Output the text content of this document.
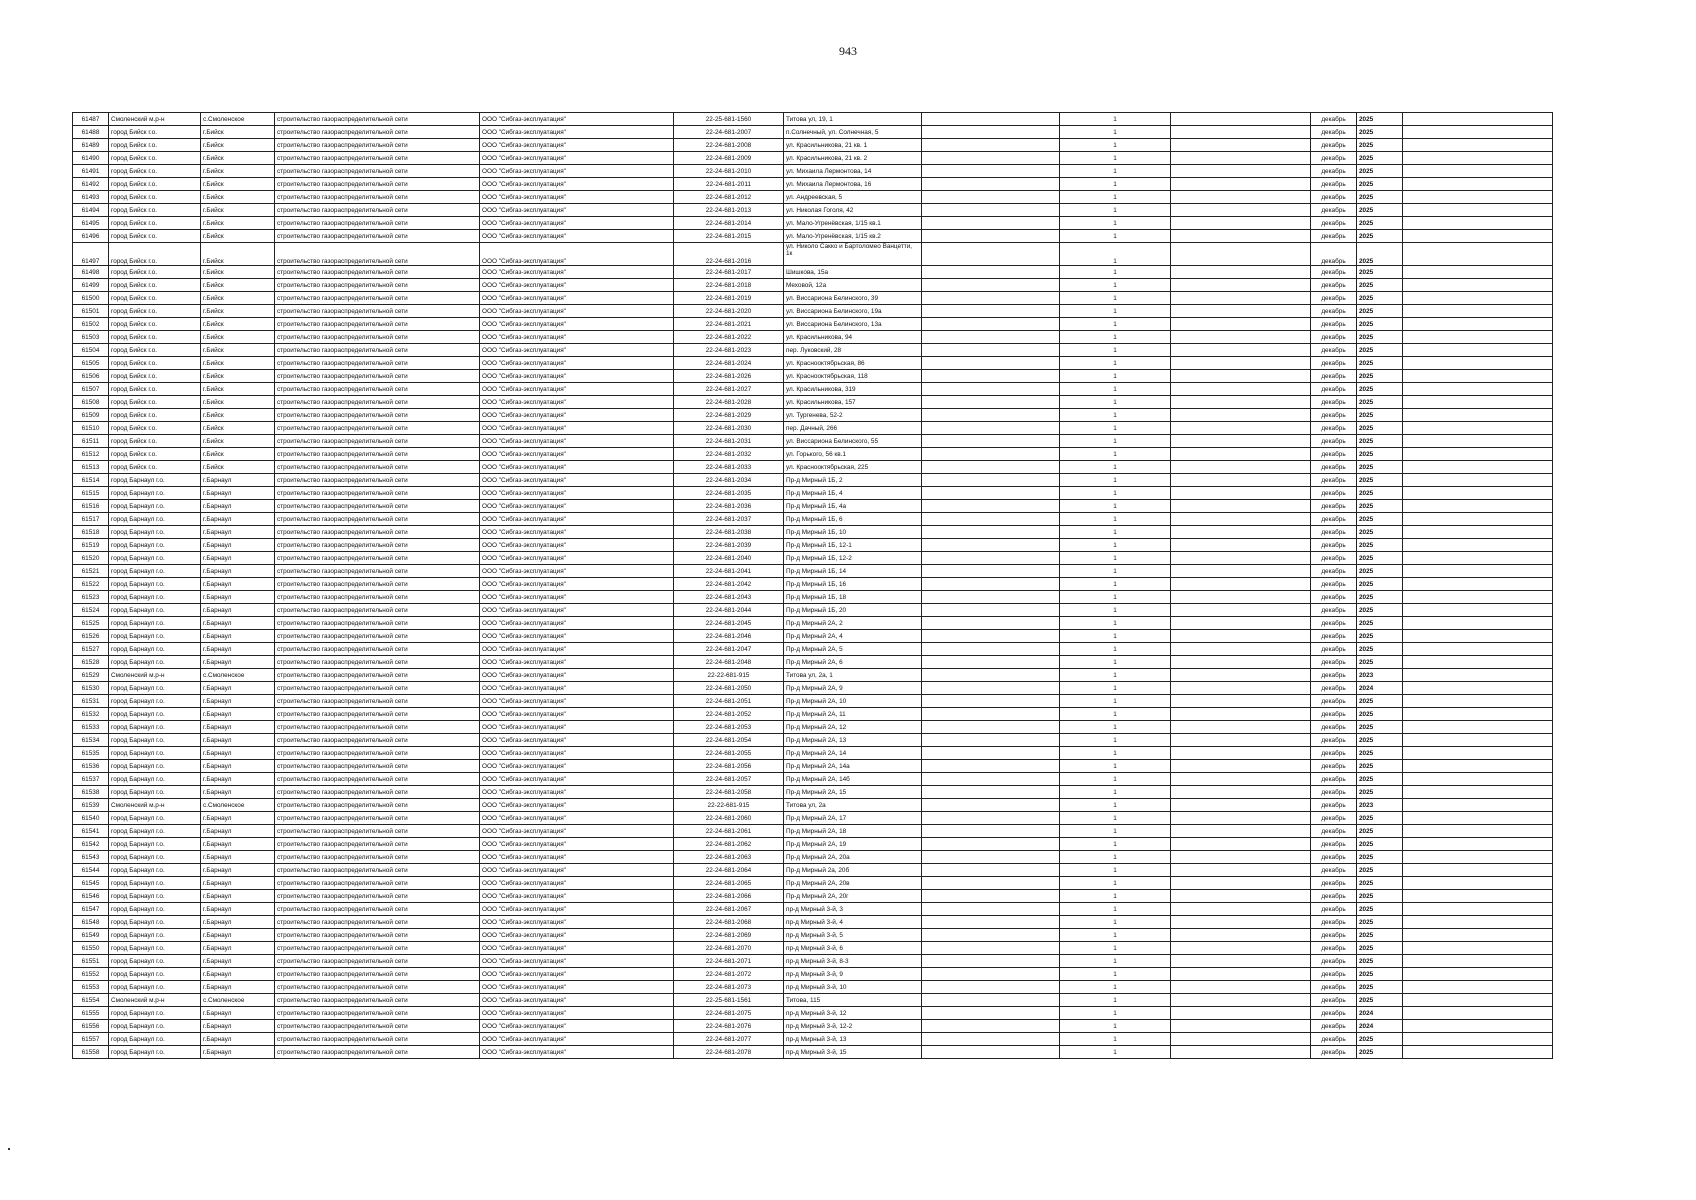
943
61487	Смоленский м.р-н	с.Смоленское	строительство газораспределительной сети	ООО "Сибгаз-эксплуатация"	22-25-681-1560	Титова ул, 19, 1		1		декабрь	2025	
61488	город Бийск г.о.	г.Бийск	строительство газораспределительной сети	ООО "Сибгаз-эксплуатация"	22-24-681-2007	п.Солнечный, ул. Солнечная, 5		1		декабрь	2025	
61489	город Бийск г.о.	г.Бийск	строительство газораспределительной сети	ООО "Сибгаз-эксплуатация"	22-24-681-2008	ул. Красильникова, 21 кв. 1		1		декабрь	2025	
61490	город Бийск г.о.	г.Бийск	строительство газораспределительной сети	ООО "Сибгаз-эксплуатация"	22-24-681-2009	ул. Красильникова, 21 кв. 2		1		декабрь	2025	
61491	город Бийск г.о.	г.Бийск	строительство газораспределительной сети	ООО "Сибгаз-эксплуатация"	22-24-681-2010	ул. Михаила Лермонтова, 14		1		декабрь	2025	
61492	город Бийск г.о.	г.Бийск	строительство газораспределительной сети	ООО "Сибгаз-эксплуатация"	22-24-681-2011	ул. Михаила Лермонтова, 16		1		декабрь	2025	
61493	город Бийск г.о.	г.Бийск	строительство газораспределительной сети	ООО "Сибгаз-эксплуатация"	22-24-681-2012	ул. Андреевская, 5		1		декабрь	2025	
61494	город Бийск г.о.	г.Бийск	строительство газораспределительной сети	ООО "Сибгаз-эксплуатация"	22-24-681-2013	ул. Николая Гоголя, 42		1		декабрь	2025	
61495	город Бийск г.о.	г.Бийск	строительство газораспределительной сети	ООО "Сибгаз-эксплуатация"	22-24-681-2014	ул. Мало-Угренёвская, 1/15 кв.1		1		декабрь	2025	
61496	город Бийск г.о.	г.Бийск	строительство газораспределительной сети	ООО "Сибгаз-эксплуатация"	22-24-681-2015	ул. Мало-Угренёвская, 1/15 кв.2		1		декабрь	2025	
61497	город Бийск г.о.	г.Бийск	строительство газораспределительной сети	ООО "Сибгаз-эксплуатация"	22-24-681-2016	ул. Николо Сакко и Бартоломео Ванцетти, 1к		1		декабрь	2025	
61498	город Бийск г.о.	г.Бийск	строительство газораспределительной сети	ООО "Сибгаз-эксплуатация"	22-24-681-2017	Шишкова, 15а		1		декабрь	2025	
61499	город Бийск г.о.	г.Бийск	строительство газораспределительной сети	ООО "Сибгаз-эксплуатация"	22-24-681-2018	Меховой, 12а		1		декабрь	2025	
61500	город Бийск г.о.	г.Бийск	строительство газораспределительной сети	ООО "Сибгаз-эксплуатация"	22-24-681-2019	ул. Виссариона Белинского, 39		1		декабрь	2025	
61501	город Бийск г.о.	г.Бийск	строительство газораспределительной сети	ООО "Сибгаз-эксплуатация"	22-24-681-2020	ул. Виссариона Белинского, 19а		1		декабрь	2025	
61502	город Бийск г.о.	г.Бийск	строительство газораспределительной сети	ООО "Сибгаз-эксплуатация"	22-24-681-2021	ул. Виссариона Белинского, 13а		1		декабрь	2025	
61503	город Бийск г.о.	г.Бийск	строительство газораспределительной сети	ООО "Сибгаз-эксплуатация"	22-24-681-2022	ул. Красильникова, 94		1		декабрь	2025	
61504	город Бийск г.о.	г.Бийск	строительство газораспределительной сети	ООО "Сибгаз-эксплуатация"	22-24-681-2023	пер. Луковский, 28		1		декабрь	2025	
61505	город Бийск г.о.	г.Бийск	строительство газораспределительной сети	ООО "Сибгаз-эксплуатация"	22-24-681-2024	ул. Краснооктябрьская, 86		1		декабрь	2025	
61506	город Бийск г.о.	г.Бийск	строительство газораспределительной сети	ООО "Сибгаз-эксплуатация"	22-24-681-2026	ул. Краснооктябрьская, 118		1		декабрь	2025	
61507	город Бийск г.о.	г.Бийск	строительство газораспределительной сети	ООО "Сибгаз-эксплуатация"	22-24-681-2027	ул. Красильникова, 319		1		декабрь	2025	
61508	город Бийск г.о.	г.Бийск	строительство газораспределительной сети	ООО "Сибгаз-эксплуатация"	22-24-681-2028	ул. Красильникова, 157		1		декабрь	2025	
61509	город Бийск г.о.	г.Бийск	строительство газораспределительной сети	ООО "Сибгаз-эксплуатация"	22-24-681-2029	ул. Тургенева, 52-2		1		декабрь	2025	
61510	город Бийск г.о.	г.Бийск	строительство газораспределительной сети	ООО "Сибгаз-эксплуатация"	22-24-681-2030	пер. Дачный, 266		1		декабрь	2025	
61511	город Бийск г.о.	г.Бийск	строительство газораспределительной сети	ООО "Сибгаз-эксплуатация"	22-24-681-2031	ул. Виссариона Белинского, 55		1		декабрь	2025	
61512	город Бийск г.о.	г.Бийск	строительство газораспределительной сети	ООО "Сибгаз-эксплуатация"	22-24-681-2032	ул. Горького, 56 кв.1		1		декабрь	2025	
61513	город Бийск г.о.	г.Бийск	строительство газораспределительной сети	ООО "Сибгаз-эксплуатация"	22-24-681-2033	ул. Краснооктябрьская, 225		1		декабрь	2025	
61514	город Барнаул г.о.	г.Барнаул	строительство газораспределительной сети	ООО "Сибгаз-эксплуатация"	22-24-681-2034	Пр-д Мирный 1Б, 2		1		декабрь	2025	
61515	город Барнаул г.о.	г.Барнаул	строительство газораспределительной сети	ООО "Сибгаз-эксплуатация"	22-24-681-2035	Пр-д Мирный 1Б, 4		1		декабрь	2025	
61516	город Барнаул г.о.	г.Барнаул	строительство газораспределительной сети	ООО "Сибгаз-эксплуатация"	22-24-681-2036	Пр-д Мирный 1Б, 4а		1		декабрь	2025	
61517	город Барнаул г.о.	г.Барнаул	строительство газораспределительной сети	ООО "Сибгаз-эксплуатация"	22-24-681-2037	Пр-д Мирный 1Б, 6		1		декабрь	2025	
61518	город Барнаул г.о.	г.Барнаул	строительство газораспределительной сети	ООО "Сибгаз-эксплуатация"	22-24-681-2038	Пр-д Мирный 1Б, 10		1		декабрь	2025	
61519	город Барнаул г.о.	г.Барнаул	строительство газораспределительной сети	ООО "Сибгаз-эксплуатация"	22-24-681-2039	Пр-д Мирный 1Б, 12-1		1		декабрь	2025	
61520	город Барнаул г.о.	г.Барнаул	строительство газораспределительной сети	ООО "Сибгаз-эксплуатация"	22-24-681-2040	Пр-д Мирный 1Б, 12-2		1		декабрь	2025	
61521	город Барнаул г.о.	г.Барнаул	строительство газораспределительной сети	ООО "Сибгаз-эксплуатация"	22-24-681-2041	Пр-д Мирный 1Б, 14		1		декабрь	2025	
61522	город Барнаул г.о.	г.Барнаул	строительство газораспределительной сети	ООО "Сибгаз-эксплуатация"	22-24-681-2042	Пр-д Мирный 1Б, 16		1		декабрь	2025	
61523	город Барнаул г.о.	г.Барнаул	строительство газораспределительной сети	ООО "Сибгаз-эксплуатация"	22-24-681-2043	Пр-д Мирный 1Б, 18		1		декабрь	2025	
61524	город Барнаул г.о.	г.Барнаул	строительство газораспределительной сети	ООО "Сибгаз-эксплуатация"	22-24-681-2044	Пр-д Мирный 1Б, 20		1		декабрь	2025	
61525	город Барнаул г.о.	г.Барнаул	строительство газораспределительной сети	ООО "Сибгаз-эксплуатация"	22-24-681-2045	Пр-д Мирный 2А, 2		1		декабрь	2025	
61526	город Барнаул г.о.	г.Барнаул	строительство газораспределительной сети	ООО "Сибгаз-эксплуатация"	22-24-681-2046	Пр-д Мирный 2А, 4		1		декабрь	2025	
61527	город Барнаул г.о.	г.Барнаул	строительство газораспределительной сети	ООО "Сибгаз-эксплуатация"	22-24-681-2047	Пр-д Мирный 2А, 5		1		декабрь	2025	
61528	город Барнаул г.о.	г.Барнаул	строительство газораспределительной сети	ООО "Сибгаз-эксплуатация"	22-24-681-2048	Пр-д Мирный 2А, 6		1		декабрь	2025	
61529	Смоленский м.р-н	с.Смоленское	строительство газораспределительной сети	ООО "Сибгаз-эксплуатация"	22-22-681-915	Титова ул, 2а, 1		1		декабрь	2023	
61530	город Барнаул г.о.	г.Барнаул	строительство газораспределительной сети	ООО "Сибгаз-эксплуатация"	22-24-681-2050	Пр-д Мирный 2А, 9		1		декабрь	2024	
61531	город Барнаул г.о.	г.Барнаул	строительство газораспределительной сети	ООО "Сибгаз-эксплуатация"	22-24-681-2051	Пр-д Мирный 2А, 10		1		декабрь	2025	
61532	город Барнаул г.о.	г.Барнаул	строительство газораспределительной сети	ООО "Сибгаз-эксплуатация"	22-24-681-2052	Пр-д Мирный 2А, 11		1		декабрь	2025	
61533	город Барнаул г.о.	г.Барнаул	строительство газораспределительной сети	ООО "Сибгаз-эксплуатация"	22-24-681-2053	Пр-д Мирный 2А, 12		1		декабрь	2025	
61534	город Барнаул г.о.	г.Барнаул	строительство газораспределительной сети	ООО "Сибгаз-эксплуатация"	22-24-681-2054	Пр-д Мирный 2А, 13		1		декабрь	2025	
61535	город Барнаул г.о.	г.Барнаул	строительство газораспределительной сети	ООО "Сибгаз-эксплуатация"	22-24-681-2055	Пр-д Мирный 2А, 14		1		декабрь	2025	
61536	город Барнаул г.о.	г.Барнаул	строительство газораспределительной сети	ООО "Сибгаз-эксплуатация"	22-24-681-2056	Пр-д Мирный 2А, 14а		1		декабрь	2025	
61537	город Барнаул г.о.	г.Барнаул	строительство газораспределительной сети	ООО "Сибгаз-эксплуатация"	22-24-681-2057	Пр-д Мирный 2А, 14б		1		декабрь	2025	
61538	город Барнаул г.о.	г.Барнаул	строительство газораспределительной сети	ООО "Сибгаз-эксплуатация"	22-24-681-2058	Пр-д Мирный 2А, 15		1		декабрь	2025	
61539	Смоленский м.р-н	с.Смоленское	строительство газораспределительной сети	ООО "Сибгаз-эксплуатация"	22-22-681-915	Титова ул, 2а		1		декабрь	2023	
61540	город Барнаул г.о.	г.Барнаул	строительство газораспределительной сети	ООО "Сибгаз-эксплуатация"	22-24-681-2060	Пр-д Мирный 2А, 17		1		декабрь	2025	
61541	город Барнаул г.о.	г.Барнаул	строительство газораспределительной сети	ООО "Сибгаз-эксплуатация"	22-24-681-2061	Пр-д Мирный 2А, 18		1		декабрь	2025	
61542	город Барнаул г.о.	г.Барнаул	строительство газораспределительной сети	ООО "Сибгаз-эксплуатация"	22-24-681-2062	Пр-д Мирный 2А, 19		1		декабрь	2025	
61543	город Барнаул г.о.	г.Барнаул	строительство газораспределительной сети	ООО "Сибгаз-эксплуатация"	22-24-681-2063	Пр-д Мирный 2А, 20а		1		декабрь	2025	
61544	город Барнаул г.о.	г.Барнаул	строительство газораспределительной сети	ООО "Сибгаз-эксплуатация"	22-24-681-2064	Пр-д Мирный 2а, 20б		1		декабрь	2025	
61545	город Барнаул г.о.	г.Барнаул	строительство газораспределительной сети	ООО "Сибгаз-эксплуатация"	22-24-681-2065	Пр-д Мирный 2А, 20в		1		декабрь	2025	
61546	город Барнаул г.о.	г.Барнаул	строительство газораспределительной сети	ООО "Сибгаз-эксплуатация"	22-24-681-2066	Пр-д Мирный 2А, 20г		1		декабрь	2025	
61547	город Барнаул г.о.	г.Барнаул	строительство газораспределительной сети	ООО "Сибгаз-эксплуатация"	22-24-681-2067	пр-д Мирный 3-й, 3		1		декабрь	2025	
61548	город Барнаул г.о.	г.Барнаул	строительство газораспределительной сети	ООО "Сибгаз-эксплуатация"	22-24-681-2068	пр-д Мирный 3-й, 4		1		декабрь	2025	
61549	город Барнаул г.о.	г.Барнаул	строительство газораспределительной сети	ООО "Сибгаз-эксплуатация"	22-24-681-2069	пр-д Мирный 3-й, 5		1		декабрь	2025	
61550	город Барнаул г.о.	г.Барнаул	строительство газораспределительной сети	ООО "Сибгаз-эксплуатация"	22-24-681-2070	пр-д Мирный 3-й, 6		1		декабрь	2025	
61551	город Барнаул г.о.	г.Барнаул	строительство газораспределительной сети	ООО "Сибгаз-эксплуатация"	22-24-681-2071	пр-д Мирный 3-й, 8-3		1		декабрь	2025	
61552	город Барнаул г.о.	г.Барнаул	строительство газораспределительной сети	ООО "Сибгаз-эксплуатация"	22-24-681-2072	пр-д Мирный 3-й, 9		1		декабрь	2025	
61553	город Барнаул г.о.	г.Барнаул	строительство газораспределительной сети	ООО "Сибгаз-эксплуатация"	22-24-681-2073	пр-д Мирный 3-й, 10		1		декабрь	2025	
61554	Смоленский м.р-н	с.Смоленское	строительство газораспределительной сети	ООО "Сибгаз-эксплуатация"	22-25-681-1561	Титова, 115		1		декабрь	2025	
61555	город Барнаул г.о.	г.Барнаул	строительство газораспределительной сети	ООО "Сибгаз-эксплуатация"	22-24-681-2075	пр-д Мирный 3-й, 12		1		декабрь	2024	
61556	город Барнаул г.о.	г.Барнаул	строительство газораспределительной сети	ООО "Сибгаз-эксплуатация"	22-24-681-2076	пр-д Мирный 3-й, 12-2		1		декабрь	2024	
61557	город Барнаул г.о.	г.Барнаул	строительство газораспределительной сети	ООО "Сибгаз-эксплуатация"	22-24-681-2077	пр-д Мирный 3-й, 13		1		декабрь	2025	
61558	город Барнаул г.о.	г.Барнаул	строительство газораспределительной сети	ООО "Сибгаз-эксплуатация"	22-24-681-2078	пр-д Мирный 3-й, 15		1		декабрь	2025	
